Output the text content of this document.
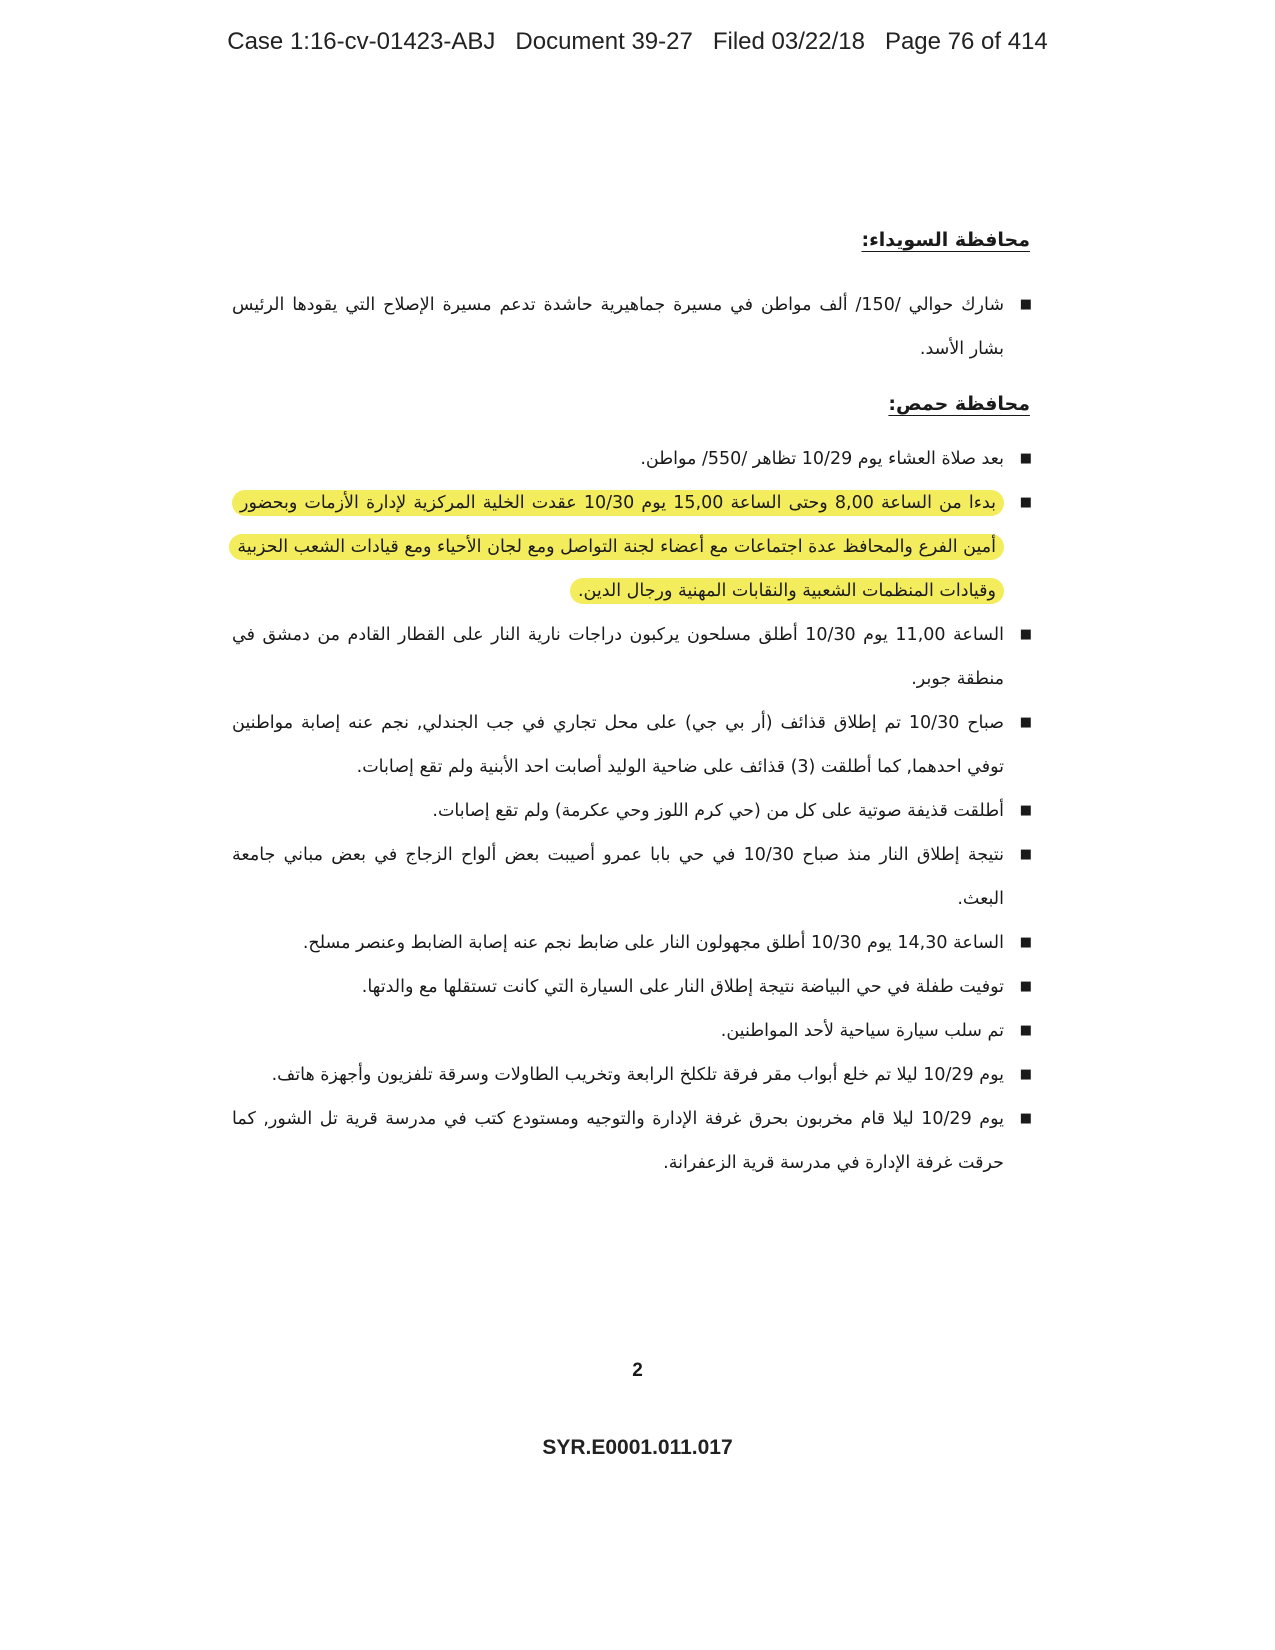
Case 1:16-cv-01423-ABJ   Document 39-27   Filed 03/22/18   Page 76 of 414
محافظة السويداء:
■
شارك حوالي /150/ ألف مواطن في مسيرة جماهيرية حاشدة تدعم مسيرة الإصلاح التي يقودها الرئيس بشار الأسد.
محافظة حمص:
■
بعد صلاة العشاء يوم 10/29 تظاهر /550/ مواطن.
■
بدءا من الساعة 8,00 وحتى الساعة 15,00 يوم 10/30 عقدت الخلية المركزية لإدارة الأزمات وبحضور أمين الفرع والمحافظ عدة اجتماعات مع أعضاء لجنة التواصل ومع لجان الأحياء ومع قيادات الشعب الحزبية وقيادات المنظمات الشعبية والنقابات المهنية ورجال الدين.
■
الساعة 11,00 يوم 10/30 أطلق مسلحون يركبون دراجات نارية النار على القطار القادم من دمشق في منطقة جوبر.
■
صباح 10/30 تم إطلاق قذائف (أر بي جي) على محل تجاري في جب الجندلي, نجم عنه إصابة مواطنين توفي احدهما, كما أطلقت (3) قذائف على ضاحية الوليد أصابت احد الأبنية ولم تقع إصابات.
■
أطلقت قذيفة صوتية على كل من (حي كرم اللوز وحي عكرمة) ولم تقع إصابات.
■
نتيجة إطلاق النار منذ صباح 10/30 في حي بابا عمرو أصيبت بعض ألواح الزجاج في بعض مباني جامعة البعث.
■
الساعة 14,30 يوم 10/30 أطلق مجهولون النار على ضابط نجم عنه إصابة الضابط وعنصر مسلح.
■
توفيت طفلة في حي البياضة نتيجة إطلاق النار على السيارة التي كانت تستقلها مع والدتها.
■
تم سلب سيارة سياحية لأحد المواطنين.
■
يوم 10/29 ليلا تم خلع أبواب مقر فرقة تلكلخ الرابعة وتخريب الطاولات وسرقة تلفزيون وأجهزة هاتف.
■
يوم 10/29 ليلا قام مخربون بحرق غرفة الإدارة والتوجيه ومستودع كتب في مدرسة قرية تل الشور, كما حرقت غرفة الإدارة في مدرسة قرية الزعفرانة.
2
SYR.E0001.011.017
